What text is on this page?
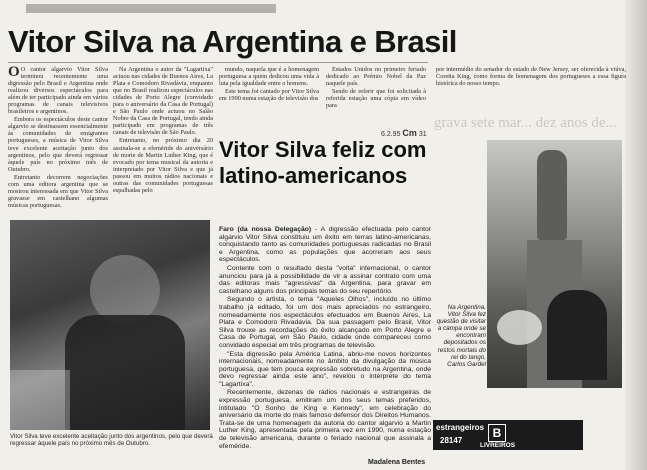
Vitor Silva na Argentina e Brasil

O O cantor algarvio Vitor Silva terminou recentemente uma digressão pelo Brasil e Argentina onde realizou diversos espectáculos para além de ter participado ainda em vários programas de canais televisivos brasileiros e argentinos.

Embora os espectáculos deste cantor algarvio se destinassem essencialmente às comunidades de emigrantes portugueses, a música de Vitor Silva teve excelente aceitação junto dos argentinos, pelo que deverá regressar àquele país no próximo mês de Outubro.

Entretanto decorrem negociações com uma editora argentina que se mostrou interessada em que Vitor Silva gravasse em castelhano algumas músicas portuguesas.

Na Argentina o autor da "Lagartixa" actuou nas cidades de Buenos Aires, La Plata e Comodoro Rivadávia, enquanto que no Brasil realizou espectáculos nas cidades de Porto Alegre (convidado para o aniversário da Casa de Portugal) e São Paulo onde actuou no Salão Nobre da Casa de Portugal, tendo ainda participado em programas de três canais de televisão de São Paulo.

Entretanto, no próximo dia 20 assinala-se a efeméride do aniversário de morte de Martin Luther King, que é evocado por tema musical da autoria e interpretado por Vitor Silva e que já passou em muitos rádios nacionais e outras das comunidades portuguesas espalhadas pelo

mundo, naquela que é a homenagem portuguesa a quem dedicou uma vida à luta pela igualdade entre o homens.

Este tema foi cantado por Vitor Silva em 1990 numa estação de televisão dos

Estados Unidos no primeiro feriado dedicado ao Prémio Nobel da Paz naquele país.

Sendo de referir que foi solicitada à referida estação uma cópia em vídeo para

por intermédio do senador do estado de New Jersey, ser oferecida à viúva, Coretta King, como forma de homenagem dos portugueses a essa figura histórica do nosso tempo.

grava sete mar... dez anos de...
Vitor Silva teve excelente aceitação junto dos argentinos, pelo que deverá regressar àquele país no próximo mês de Outubro.
6.2.95 Cm 31
Vitor Silva feliz com latino-americanos

Faro (da nossa Delegação) - A digressão efectuada pelo cantor algarvio Vitor Silva constituiu um êxito em terras latino-americanas, conquistando tanto as comunidades portuguesas radicadas no Brasil e Argentina, como as populações que acorreram aos seus espectáculos.

Contente com o resultado desta "volta" internacional, o cantor anunciou para já a possibilidade de vir a assinar contrato com uma das editoras mais "agressivas" da Argentina, para gravar em castelhano alguns dos principais temas do seu repertório.

Segundo o artista, o tema "Aqueles Olhos", incluído no último trabalho já editado, foi um dos mais apreciados no estrangeiro, nomeadamente nos espectáculos efectuados em Buenos Aires, La Plata e Comodoro Rivadavia. Da sua passagem pelo Brasil, Vitor Silva trouxe as recordações do êxito alcançado em Porto Alegre e Casa de Portugal, em São Paulo, cidade onde compareceu como convidado especial em três programas de televisão.

"Esta digressão pela América Latina, abriu-me novos horizontes internacionais, nomeadamente no âmbito da divulgação da música portuguesa, que tem pouca expressão sobretudo na Argentina, onde devo regressar ainda este ano", revelou o intérprete do tema "Lagartixa".

Recentemente, dezenas de rádios nacionais e estrangeiras de expressão portuguesa, emitiram um dos seus temas preferidos, intitulado "O Sonho de King e Kennedy", em celebração do aniversário da morte do mais famoso defensor dos Direitos Humanos. Trata-se de uma homenagem da autoria do cantor algarvio a Martin Luther King, apresentada pela primeira vez em 1990, numa estação de televisão americana, durante o feriado nacional que assinala a efeméride.

Madalena Bentes
Na Argentina, Vitor Silva fez questão de visitar a campa onde se encontram depositados os restos mortais do rei do tango, Carlos Gardel
estrangeiros
28147
B
LIVREIROS
